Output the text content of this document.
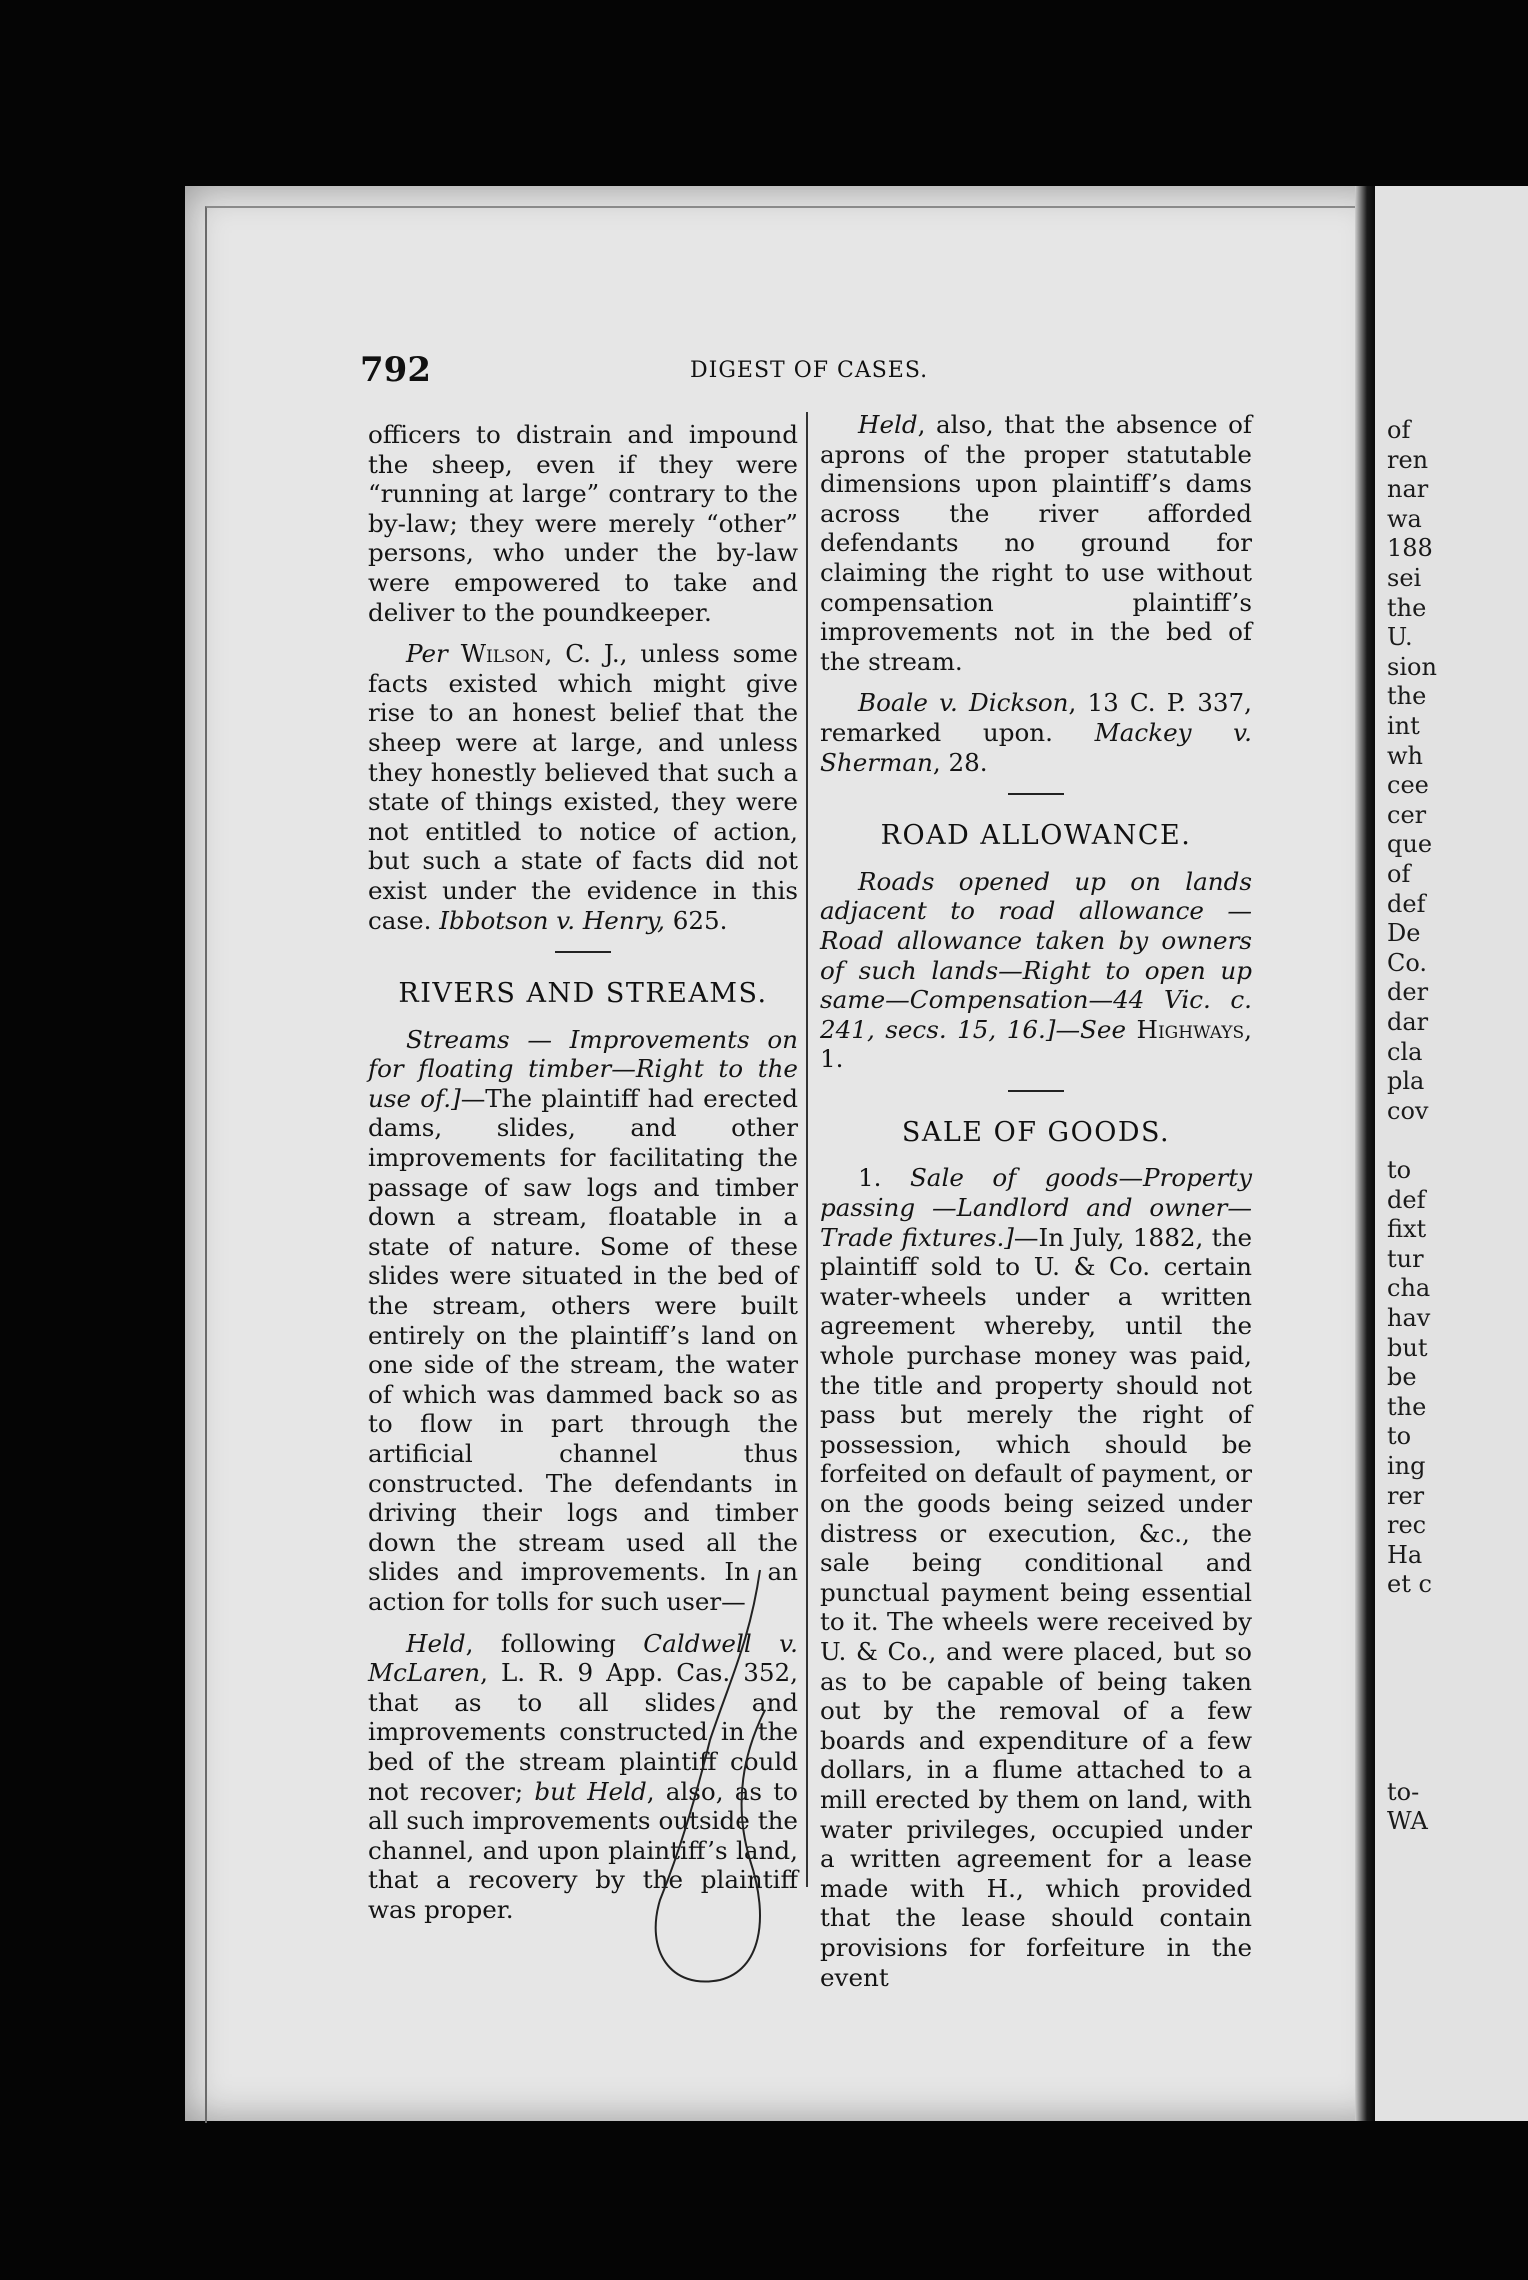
of
ren
nar
wa
188
sei
the
U.
sion
the
int
wh
cee
cer
que
of
def
De
Co.
der
dar
cla
pla
cov
to
def
fixt
tur
cha
hav
but
be
the
to
ing
rer
rec
Ha
et c
to-
WA
792	DIGEST OF CASES.

officers to distrain and impound the sheep, even if they were “running at large” contrary to the by-law; they were merely “other” persons, who under the by-law were empowered to take and deliver to the poundkeeper.

Per Wilson, C. J., unless some facts existed which might give rise to an honest belief that the sheep were at large, and unless they honestly believed that such a state of things existed, they were not entitled to notice of action, but such a state of facts did not exist under the evidence in this case. Ibbotson v. Henry, 625.

RIVERS AND STREAMS.

Streams — Improvements on for floating timber—Right to the use of.]—The plaintiff had erected dams, slides, and other improvements for facilitating the passage of saw logs and timber down a stream, floatable in a state of nature. Some of these slides were situated in the bed of the stream, others were built entirely on the plaintiff’s land on one side of the stream, the water of which was dammed back so as to flow in part through the artificial channel thus constructed. The defendants in driving their logs and timber down the stream used all the slides and improvements. In an action for tolls for such user—

Held, following Caldwell v. McLaren, L. R. 9 App. Cas. 352, that as to all slides and improvements constructed in the bed of the stream plaintiff could not recover; but Held, also, as to all such improvements outside the channel, and upon plaintiff’s land, that a recovery by the plaintiff was proper.

Held, also, that the absence of aprons of the proper statutable dimensions upon plaintiff’s dams across the river afforded defendants no ground for claiming the right to use without compensation plaintiff’s improvements not in the bed of the stream.

Boale v. Dickson, 13 C. P. 337, remarked upon. Mackey v. Sherman, 28.

ROAD ALLOWANCE.

Roads opened up on lands adjacent to road allowance — Road allowance taken by owners of such lands—Right to open up same—Compensation—44 Vic. c. 241, secs. 15, 16.]—See Highways, 1.

SALE OF GOODS.

1. Sale of goods—Property passing —Landlord and owner—Trade fixtures.]—In July, 1882, the plaintiff sold to U. & Co. certain water-wheels under a written agreement whereby, until the whole purchase money was paid, the title and property should not pass but merely the right of possession, which should be forfeited on default of payment, or on the goods being seized under distress or execution, &c., the sale being conditional and punctual payment being essential to it. The wheels were received by U. & Co., and were placed, but so as to be capable of being taken out by the removal of a few boards and expenditure of a few dollars, in a flume attached to a mill erected by them on land, with water privileges, occupied under a written agreement for a lease made with H., which provided that the lease should contain provisions for forfeiture in the event
